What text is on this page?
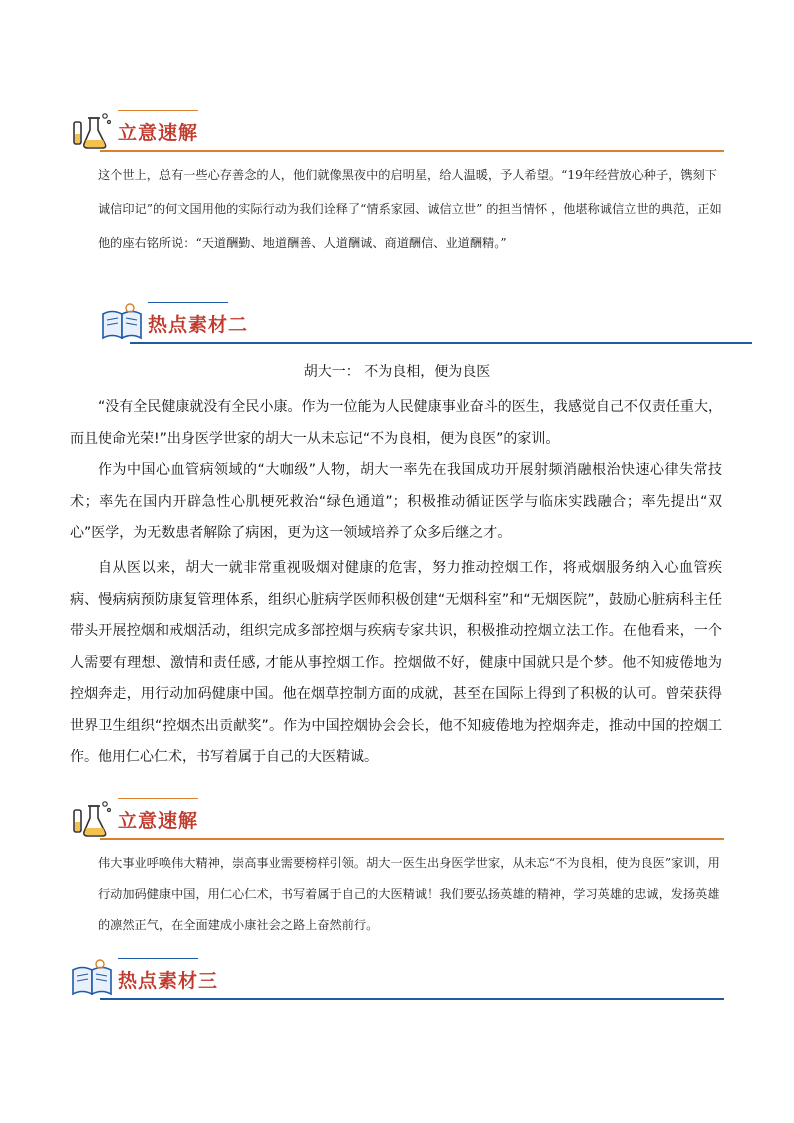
立意速解

这个世上，总有一些心存善念的人，他们就像黑夜中的启明星，给人温暖，予人希望。“19年经营放心种子，镌刻下诚信印记”的何文国用他的实际行动为我们诠释了“情系家园、诚信立世” 的担当情怀 ，他堪称诚信立世的典范，正如他的座右铭所说：“天道酬勤、地道酬善、人道酬诚、商道酬信、业道酬精。”

热点素材二
胡大一： 不为良相，便为良医

“没有全民健康就没有全民小康。作为一位能为人民健康事业奋斗的医生，我感觉自己不仅责任重大，而且使命光荣!”出身医学世家的胡大一从未忘记“不为良相，便为良医”的家训。

作为中国心血管病领域的“大咖级”人物，胡大一率先在我国成功开展射频消融根治快速心律失常技术；率先在国内开辟急性心肌梗死救治“绿色通道”；积极推动循证医学与临床实践融合；率先提出“双心”医学，为无数患者解除了病困，更为这一领域培养了众多后继之才。

自从医以来，胡大一就非常重视吸烟对健康的危害，努力推动控烟工作，将戒烟服务纳入心血管疾病、慢病病预防康复管理体系，组织心脏病学医师积极创建“无烟科室”和“无烟医院”，鼓励心脏病科主任带头开展控烟和戒烟活动，组织完成多部控烟与疾病专家共识，积极推动控烟立法工作。在他看来，一个人需要有理想、激情和责任感, 才能从事控烟工作。控烟做不好，健康中国就只是个梦。他不知疲倦地为控烟奔走，用行动加码健康中国。他在烟草控制方面的成就，甚至在国际上得到了积极的认可。曾荣获得世界卫生组织“控烟杰出贡献奖”。作为中国控烟协会会长，他不知疲倦地为控烟奔走，推动中国的控烟工作。他用仁心仁术，书写着属于自己的大医精诚。

立意速解

伟大事业呼唤伟大精神，崇高事业需要榜样引领。胡大一医生出身医学世家，从未忘“不为良相，使为良医”家训，用行动加码健康中国，用仁心仁术，书写着属于自己的大医精诚！我们要弘扬英雄的精神，学习英雄的忠诚，发扬英雄的凛然正气，在全面建成小康社会之路上奋然前行。

热点素材三
